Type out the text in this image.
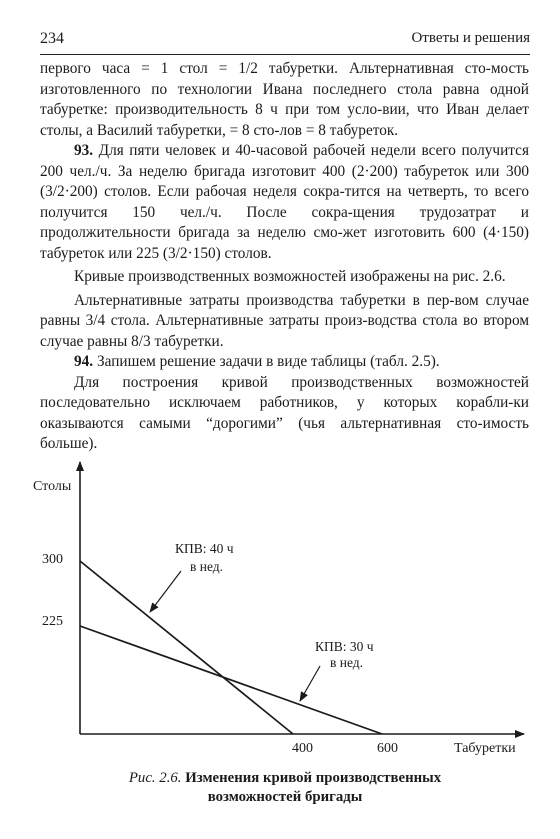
234	Ответы и решения

первого часа = 1 стол = 1/2 табуретки. Альтернативная сто-мость изготовленного по технологии Ивана последнего стола равна одной табуретке: производительность 8 ч при том усло-вии, что Иван делает столы, а Василий табуретки, = 8 сто-лов = 8 табуреток.

93. Для пяти человек и 40-часовой рабочей недели всего получится 200 чел./ч. За неделю бригада изготовит 400 (2·200) табуреток или 300 (3/2·200) столов. Если рабочая неделя сокра-тится на четверть, то всего получится 150 чел./ч. После сокра-щения трудозатрат и продолжительности бригада за неделю смо-жет изготовить 600 (4·150) табуреток или 225 (3/2·150) столов.

Кривые производственных возможностей изображены на рис. 2.6.

Альтернативные затраты производства табуретки в пер-вом случае равны 3/4 стола. Альтернативные затраты произ-водства стола во втором случае равны 8/3 табуретки.

94. Запишем решение задачи в виде таблицы (табл. 2.5).

Для построения кривой производственных возможностей последовательно исключаем работников, у которых корабли-ки оказываются самыми “дорогими” (чья альтернативная сто-имость больше).

Столы
Табуретки
300
225
400	600
КПВ: 40 ч
в нед.
КПВ: 30 ч
в нед.
Рис. 2.6. Изменения кривой производственных
возможностей бригады
